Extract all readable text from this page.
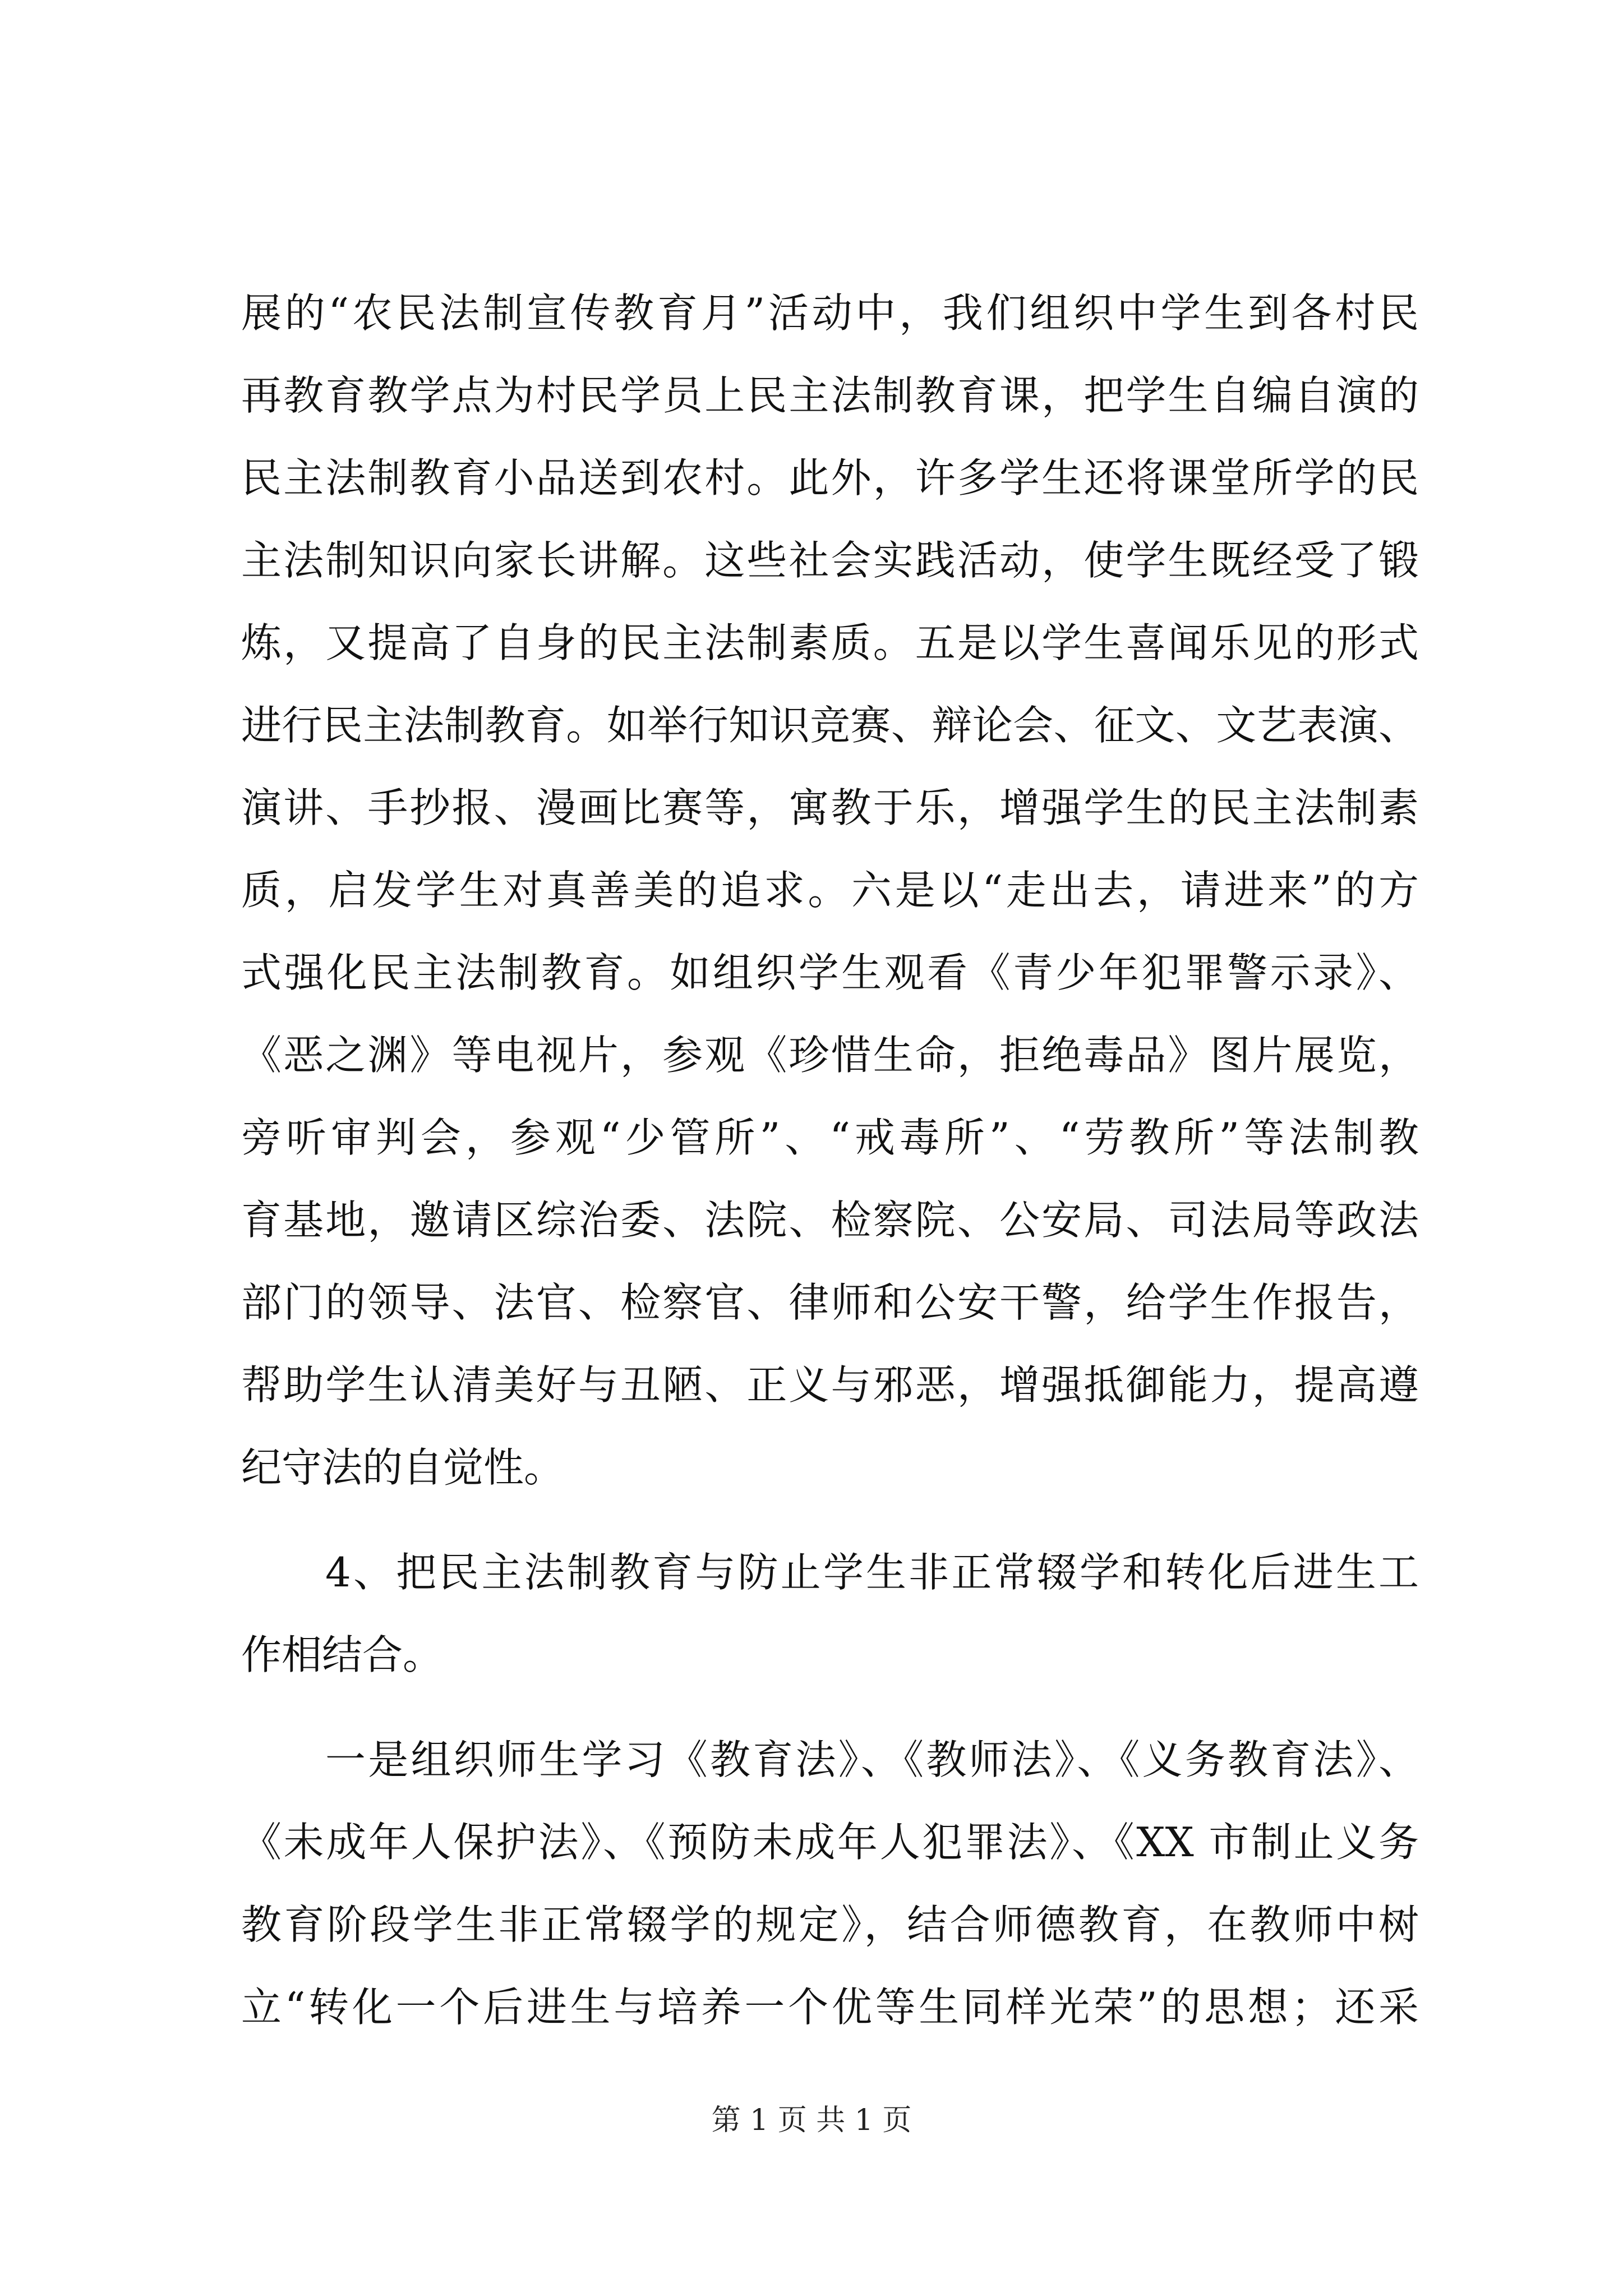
展的“农民法制宣传教育月”活动中，我们组织中学生到各村民
再教育教学点为村民学员上民主法制教育课，把学生自编自演的
民主法制教育小品送到农村。此外，许多学生还将课堂所学的民
主法制知识向家长讲解。这些社会实践活动，使学生既经受了锻
炼，又提高了自身的民主法制素质。五是以学生喜闻乐见的形式
进行民主法制教育。如举行知识竞赛、辩论会、征文、文艺表演、
演讲、手抄报、漫画比赛等，寓教于乐，增强学生的民主法制素
质，启发学生对真善美的追求。六是以“走出去，请进来”的方
式强化民主法制教育。如组织学生观看《青少年犯罪警示录》、
《恶之渊》等电视片，参观《珍惜生命，拒绝毒品》图片展览，
旁听审判会，参观“少管所”、“戒毒所”、“劳教所”等法制教
育基地，邀请区综治委、法院、检察院、公安局、司法局等政法
部门的领导、法官、检察官、律师和公安干警，给学生作报告，
帮助学生认清美好与丑陋、正义与邪恶，增强抵御能力，提高遵
纪守法的自觉性。
4、把民主法制教育与防止学生非正常辍学和转化后进生工
作相结合。
一是组织师生学习《教育法》、《教师法》、《义务教育法》、
《未成年人保护法》、《预防未成年人犯罪法》、《XX 市制止义务
教育阶段学生非正常辍学的规定》，结合师德教育，在教师中树
立“转化一个后进生与培养一个优等生同样光荣”的思想；还采
第 1 页 共 1 页
